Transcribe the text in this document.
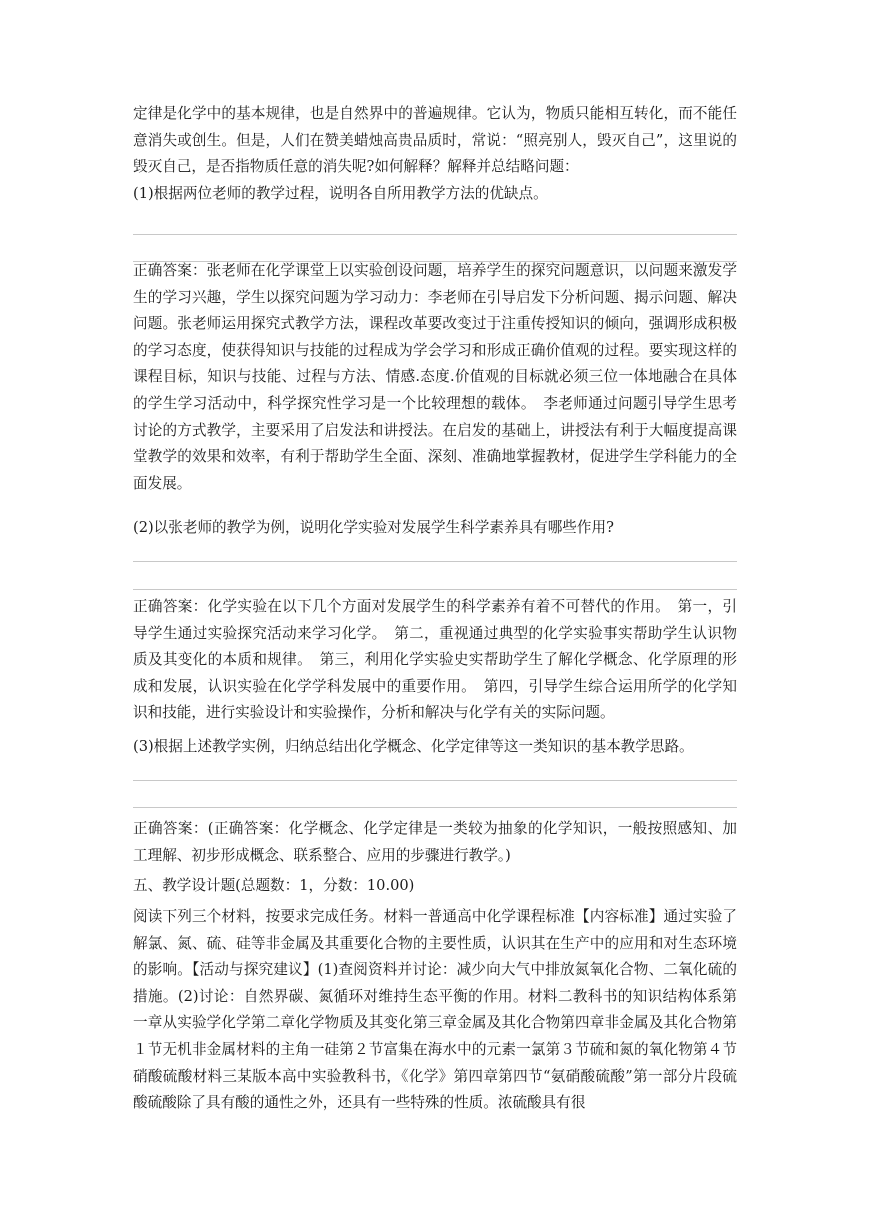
定律是化学中的基本规律，也是自然界中的普遍规律。它认为，物质只能相互转化，而不能任意消失或创生。但是，人们在赞美蜡烛高贵品质时，常说：“照亮别人，毁灭自己”，这里说的毁灭自己，是否指物质任意的消失呢?如何解释？解释并总结略问题：

(1)根据两位老师的教学过程，说明各自所用教学方法的优缺点。

正确答案：张老师在化学课堂上以实验创设问题，培养学生的探究问题意识，以问题来激发学生的学习兴趣，学生以探究问题为学习动力：李老师在引导启发下分析问题、揭示问题、解决问题。张老师运用探究式教学方法，课程改革要改变过于注重传授知识的倾向，强调形成积极的学习态度，使获得知识与技能的过程成为学会学习和形成正确价值观的过程。要实现这样的课程目标，知识与技能、过程与方法、情感.态度.价值观的目标就必须三位一体地融合在具体的学生学习活动中，科学探究性学习是一个比较理想的载体。　李老师通过问题引导学生思考讨论的方式教学，主要采用了启发法和讲授法。在启发的基础上，讲授法有利于大幅度提高课堂教学的效果和效率，有利于帮助学生全面、深刻、准确地掌握教材，促进学生学科能力的全面发展。

(2)以张老师的教学为例，说明化学实验对发展学生科学素养具有哪些作用?

正确答案：化学实验在以下几个方面对发展学生的科学素养有着不可替代的作用。　第一，引导学生通过实验探究活动来学习化学。　第二，重视通过典型的化学实验事实帮助学生认识物质及其变化的本质和规律。　第三，利用化学实验史实帮助学生了解化学概念、化学原理的形成和发展，认识实验在化学学科发展中的重要作用。　第四，引导学生综合运用所学的化学知识和技能，进行实验设计和实验操作，分析和解决与化学有关的实际问题。

(3)根据上述教学实例，归纳总结出化学概念、化学定律等这一类知识的基本教学思路。

正确答案：(正确答案：化学概念、化学定律是一类较为抽象的化学知识，一般按照感知、加工理解、初步形成概念、联系整合、应用的步骤进行教学。)

五、教学设计题(总题数：1，分数：10.00)

阅读下列三个材料，按要求完成任务。材料一普通高中化学课程标准【内容标准】通过实验了解氯、氮、硫、硅等非金属及其重要化合物的主要性质，认识其在生产中的应用和对生态环境的影响。【活动与探究建议】(1)查阅资料并讨论：减少向大气中排放氮氧化合物、二氧化硫的措施。(2)讨论：自然界碳、氮循环对维持生态平衡的作用。材料二教科书的知识结构体系第一章从实验学化学第二章化学物质及其变化第三章金属及其化合物第四章非金属及其化合物第１节无机非金属材料的主角一硅第２节富集在海水中的元素一氯第３节硫和氮的氧化物第４节硝酸硫酸材料三某版本高中实验教科书，《化学》第四章第四节“氨硝酸硫酸”第一部分片段硫酸硫酸除了具有酸的通性之外，还具有一些特殊的性质。浓硫酸具有很
